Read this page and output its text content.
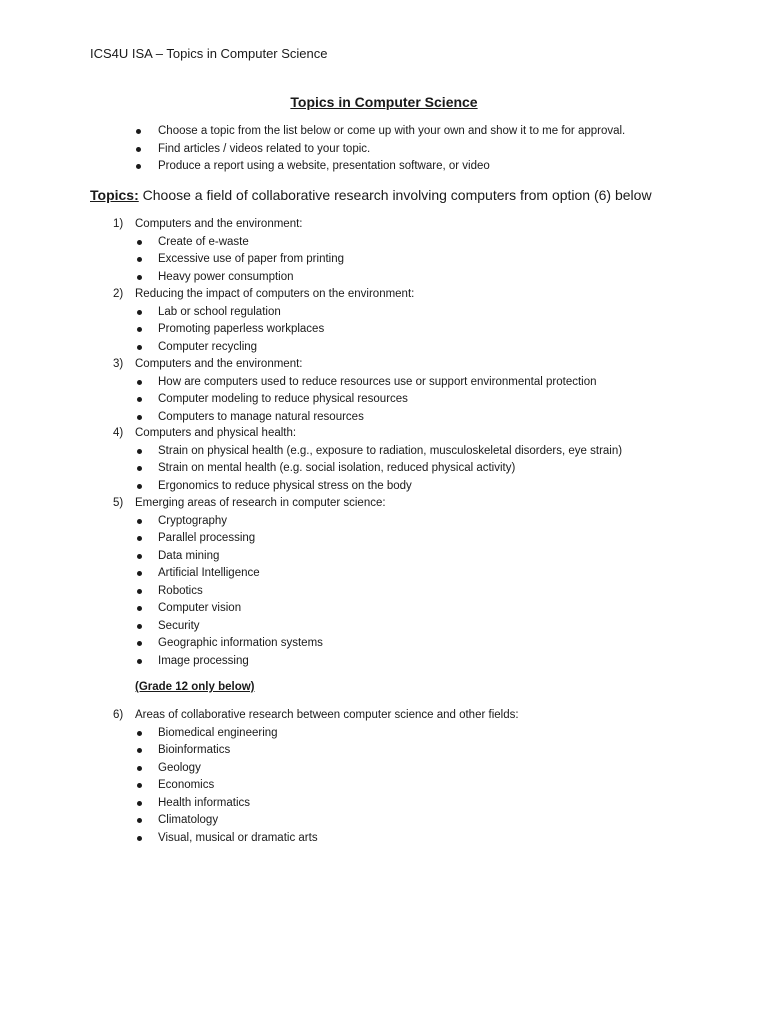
ICS4U ISA – Topics in Computer Science
Topics in Computer Science
Choose a topic from the list below or come up with your own and show it to me for approval.
Find articles / videos related to your topic.
Produce a report using a website, presentation software, or video
Topics: Choose a field of collaborative research involving computers from option (6) below
1) Computers and the environment:
Create of e-waste
Excessive use of paper from printing
Heavy power consumption
2) Reducing the impact of computers on the environment:
Lab or school regulation
Promoting paperless workplaces
Computer recycling
3) Computers and the environment:
How are computers used to reduce resources use or support environmental protection
Computer modeling to reduce physical resources
Computers to manage natural resources
4) Computers and physical health:
Strain on physical health (e.g., exposure to radiation, musculoskeletal disorders, eye strain)
Strain on mental health (e.g. social isolation, reduced physical activity)
Ergonomics to reduce physical stress on the body
5) Emerging areas of research in computer science:
Cryptography
Parallel processing
Data mining
Artificial Intelligence
Robotics
Computer vision
Security
Geographic information systems
Image processing
(Grade 12 only below)
6) Areas of collaborative research between computer science and other fields:
Biomedical engineering
Bioinformatics
Geology
Economics
Health informatics
Climatology
Visual, musical or dramatic arts
